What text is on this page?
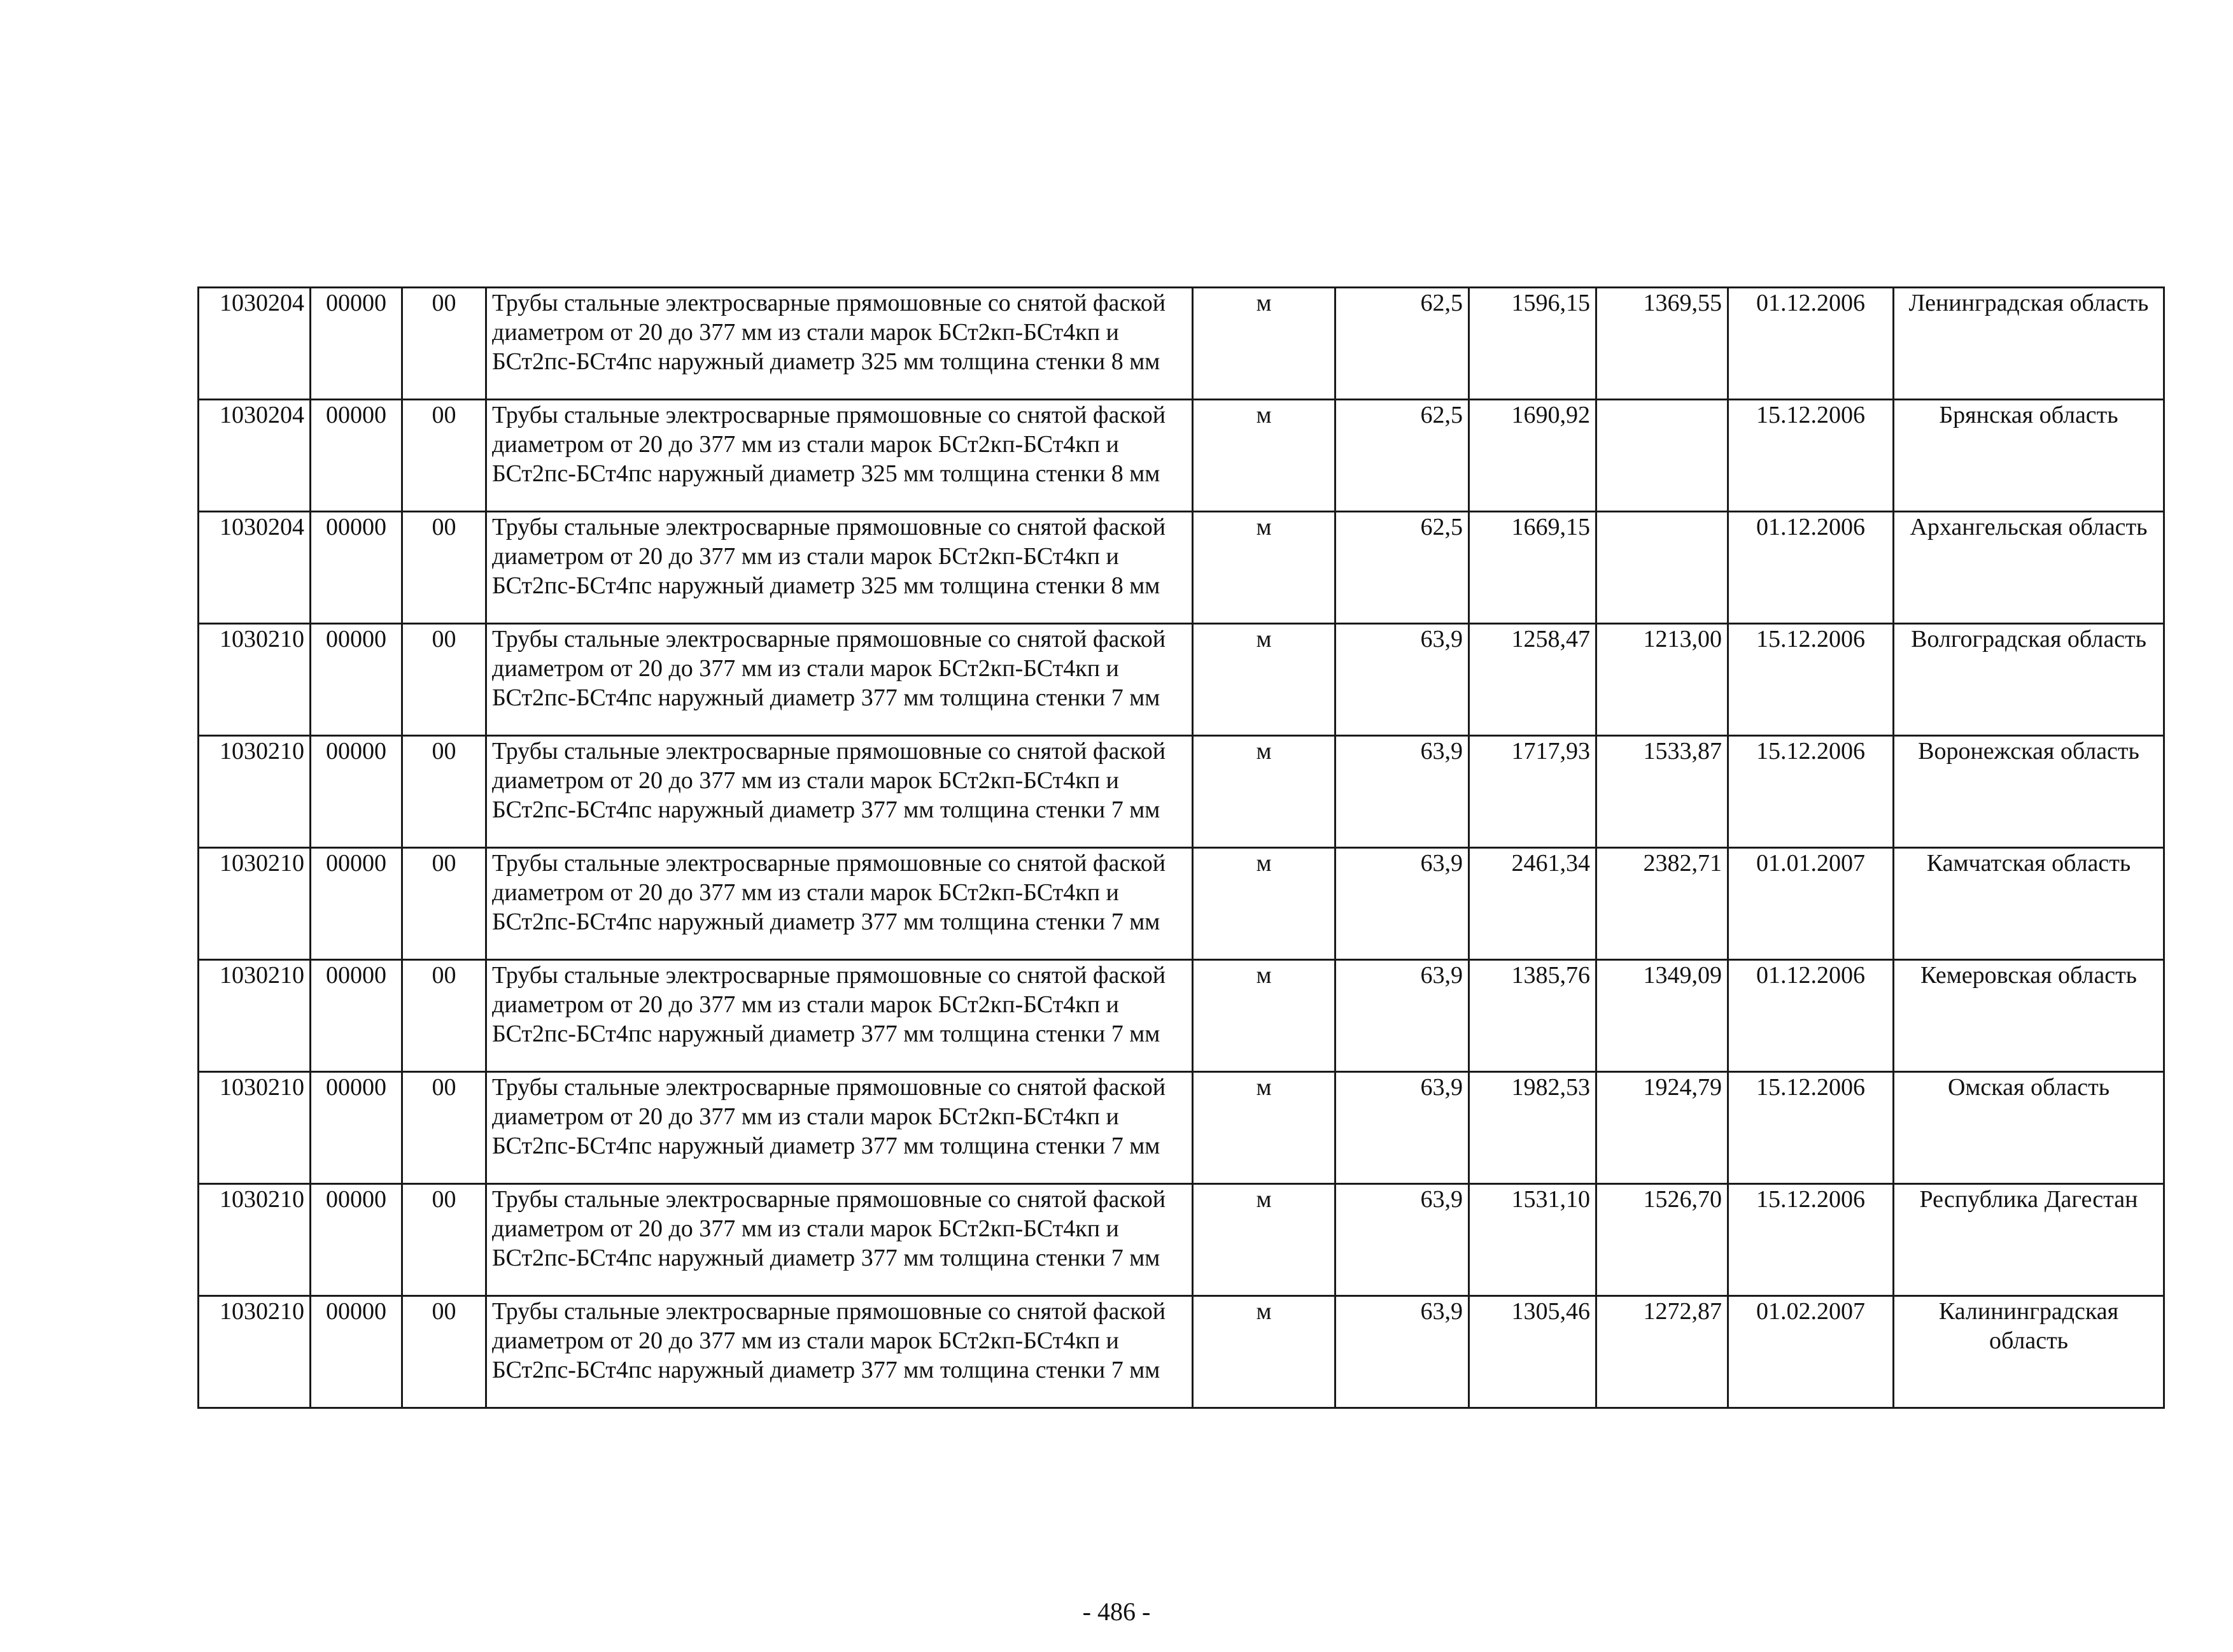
1030204	00000	00	Трубы стальные электросварные прямошовные со снятой фаской диаметром от 20 до 377 мм из стали марок БСт2кп-БСт4кп и БСт2пс-БСт4пс наружный диаметр 325 мм толщина стенки 8 мм	м	62,5	1596,15	1369,55	01.12.2006	Ленинградская область
1030204	00000	00	Трубы стальные электросварные прямошовные со снятой фаской диаметром от 20 до 377 мм из стали марок БСт2кп-БСт4кп и БСт2пс-БСт4пс наружный диаметр 325 мм толщина стенки 8 мм	м	62,5	1690,92		15.12.2006	Брянская область
1030204	00000	00	Трубы стальные электросварные прямошовные со снятой фаской диаметром от 20 до 377 мм из стали марок БСт2кп-БСт4кп и БСт2пс-БСт4пс наружный диаметр 325 мм толщина стенки 8 мм	м	62,5	1669,15		01.12.2006	Архангельская область
1030210	00000	00	Трубы стальные электросварные прямошовные со снятой фаской диаметром от 20 до 377 мм из стали марок БСт2кп-БСт4кп и БСт2пс-БСт4пс наружный диаметр 377 мм толщина стенки 7 мм	м	63,9	1258,47	1213,00	15.12.2006	Волгоградская область
1030210	00000	00	Трубы стальные электросварные прямошовные со снятой фаской диаметром от 20 до 377 мм из стали марок БСт2кп-БСт4кп и БСт2пс-БСт4пс наружный диаметр 377 мм толщина стенки 7 мм	м	63,9	1717,93	1533,87	15.12.2006	Воронежская область
1030210	00000	00	Трубы стальные электросварные прямошовные со снятой фаской диаметром от 20 до 377 мм из стали марок БСт2кп-БСт4кп и БСт2пс-БСт4пс наружный диаметр 377 мм толщина стенки 7 мм	м	63,9	2461,34	2382,71	01.01.2007	Камчатская область
1030210	00000	00	Трубы стальные электросварные прямошовные со снятой фаской диаметром от 20 до 377 мм из стали марок БСт2кп-БСт4кп и БСт2пс-БСт4пс наружный диаметр 377 мм толщина стенки 7 мм	м	63,9	1385,76	1349,09	01.12.2006	Кемеровская область
1030210	00000	00	Трубы стальные электросварные прямошовные со снятой фаской диаметром от 20 до 377 мм из стали марок БСт2кп-БСт4кп и БСт2пс-БСт4пс наружный диаметр 377 мм толщина стенки 7 мм	м	63,9	1982,53	1924,79	15.12.2006	Омская область
1030210	00000	00	Трубы стальные электросварные прямошовные со снятой фаской диаметром от 20 до 377 мм из стали марок БСт2кп-БСт4кп и БСт2пс-БСт4пс наружный диаметр 377 мм толщина стенки 7 мм	м	63,9	1531,10	1526,70	15.12.2006	Республика Дагестан
1030210	00000	00	Трубы стальные электросварные прямошовные со снятой фаской диаметром от 20 до 377 мм из стали марок БСт2кп-БСт4кп и БСт2пс-БСт4пс наружный диаметр 377 мм толщина стенки 7 мм	м	63,9	1305,46	1272,87	01.02.2007	Калининградская область
- 486 -
